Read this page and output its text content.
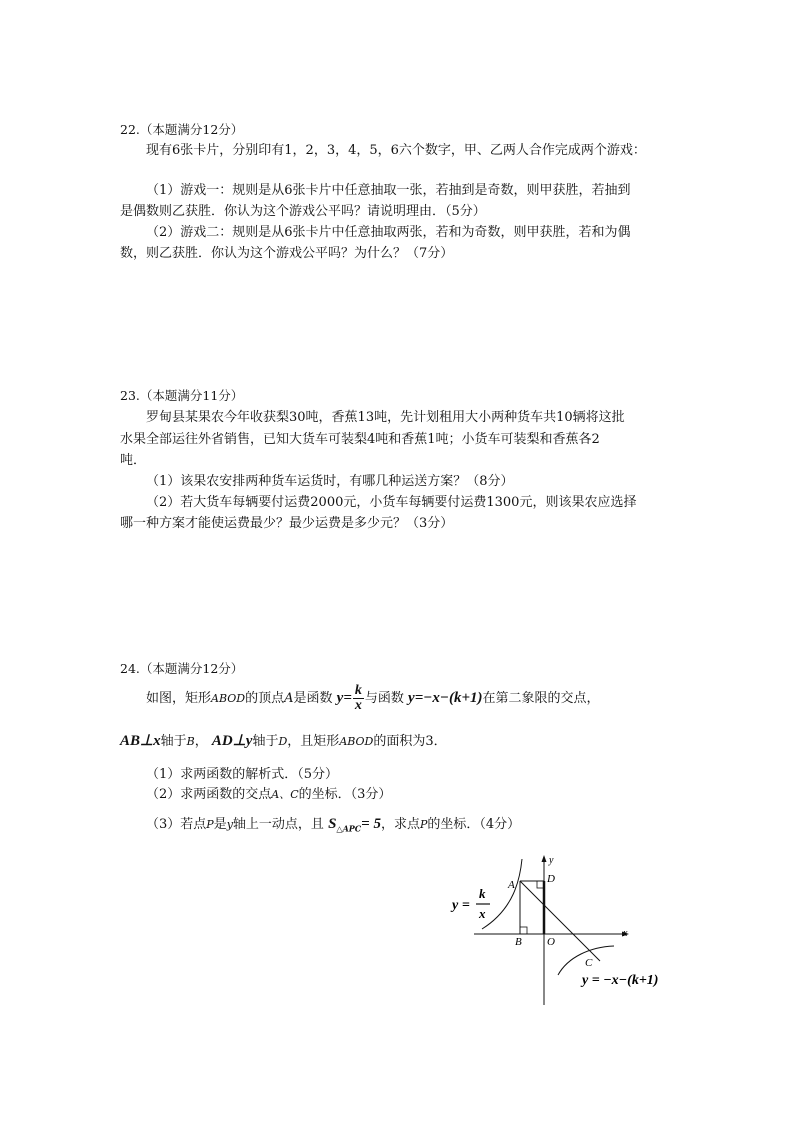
22.（本题满分12分）
现有6张卡片，分别印有1，2，3，4，5，6六个数字，甲、乙两人合作完成两个游戏：
（1）游戏一：规则是从6张卡片中任意抽取一张，若抽到是奇数，则甲获胜，若抽到
是偶数则乙获胜．你认为这个游戏公平吗？请说明理由．（5分）
（2）游戏二：规则是从6张卡片中任意抽取两张，若和为奇数，则甲获胜，若和为偶
数，则乙获胜．你认为这个游戏公平吗？为什么？（7分）
23.（本题满分11分）
罗甸县某果农今年收获梨30吨，香蕉13吨，先计划租用大小两种货车共10辆将这批
水果全部运往外省销售，已知大货车可装梨4吨和香蕉1吨；小货车可装梨和香蕉各2
吨．
（1）该果农安排两种货车运货时，有哪几种运送方案？（8分）
（2）若大货车每辆要付运费2000元，小货车每辆要付运费1300元，则该果农应选择
哪一种方案才能使运费最少？最少运费是多少元？（3分）
24.（本题满分12分）
如图，矩形ABOD的顶点A是函数 $y= \frac{k}{x}$ 与函数 y=−x−(k+1)在第二象限的交点，
AB⊥x轴于B， AD⊥y轴于D，且矩形ABOD的面积为3．
（1）求两函数的解析式．（5分）
（2）求两函数的交点A、C的坐标．（3分）
（3）若点P是y轴上一动点，且 $S_{\triangle APC}= 5$，求点P的坐标．（4分）
x
y
A	D
B O
C
y =
k
x
y = −x−(k+1)
